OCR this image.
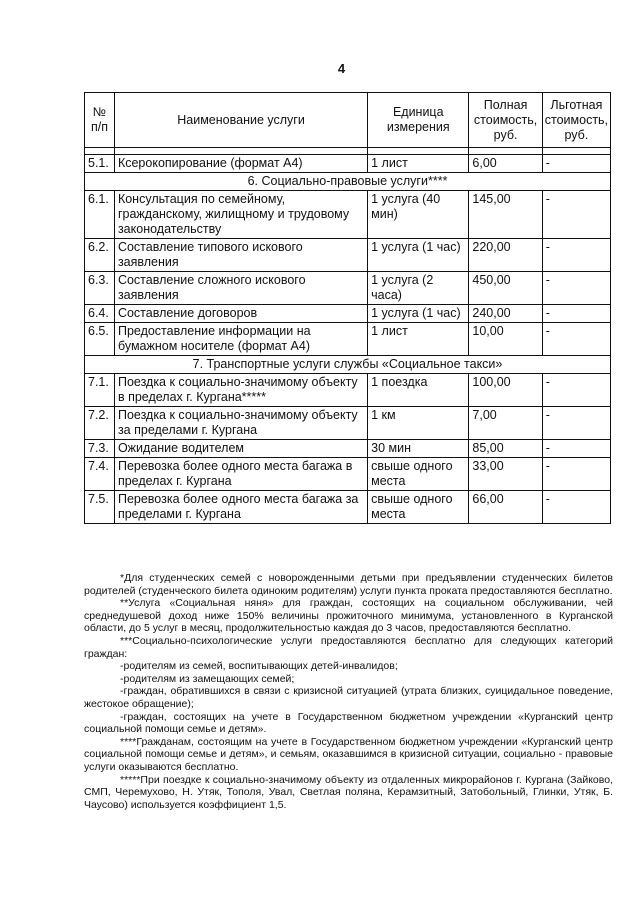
4
№ п/п	Наименование услуги	Единица измерения	Полная стоимость, руб.	Льготная стоимость, руб.

5.1.	Ксерокопирование (формат А4)	1 лист	6,00	-
6. Социально-правовые услуги****				
6.1.	Консультация по семейному, гражданскому, жилищному и трудовому законодательству	1 услуга (40 мин)	145,00	-
6.2.	Составление типового искового заявления	1 услуга (1 час)	220,00	-
6.3.	Составление сложного искового заявления	1 услуга (2 часа)	450,00	-
6.4.	Составление договоров	1 услуга (1 час)	240,00	-
6.5.	Предоставление информации на бумажном носителе (формат А4)	1 лист	10,00	-
7. Транспортные услуги службы «Социальное такси»				
7.1.	Поездка к социально-значимому объекту в пределах г. Кургана*****	1 поездка	100,00	-
7.2.	Поездка к социально-значимому объекту за пределами г. Кургана	1 км	7,00	-
7.3.	Ожидание водителем	30 мин	85,00	-
7.4.	Перевозка более одного места багажа в пределах г. Кургана	свыше одного места	33,00	-
7.5.	Перевозка более одного места багажа за пределами г. Кургана	свыше одного места	66,00	-

*Для студенческих семей с новорожденными детьми при предъявлении студенческих билетов родителей (студенческого билета одиноким родителям) услуги пункта проката предоставляются бесплатно.

**Услуга «Социальная няня» для граждан, состоящих на социальном обслуживании, чей среднедушевой доход ниже 150% величины прожиточного минимума, установленного в Курганской области, до 5 услуг в месяц, продолжительностью каждая до 3 часов, предоставляются бесплатно.

***Социально-психологические услуги предоставляются бесплатно для следующих категорий граждан:

-родителям из семей, воспитывающих детей-инвалидов;

-родителям из замещающих семей;

-граждан, обратившихся в связи с кризисной ситуацией (утрата близких, суицидальное поведение, жестокое обращение);

-граждан, состоящих на учете в Государственном бюджетном учреждении «Курганский центр социальной помощи семье и детям».

****Гражданам, состоящим на учете в Государственном бюджетном учреждении «Курганский центр социальной помощи семье и детям», и семьям, оказавшимся в кризисной ситуации, социально - правовые услуги оказываются бесплатно.

*****При поездке к социально-значимому объекту из отдаленных микрорайонов г. Кургана (Зайково, СМП, Черемухово, Н. Утяк, Тополя, Увал, Светлая поляна, Керамзитный, Затобольный, Глинки, Утяк, Б. Чаусово) используется коэффициент 1,5.
